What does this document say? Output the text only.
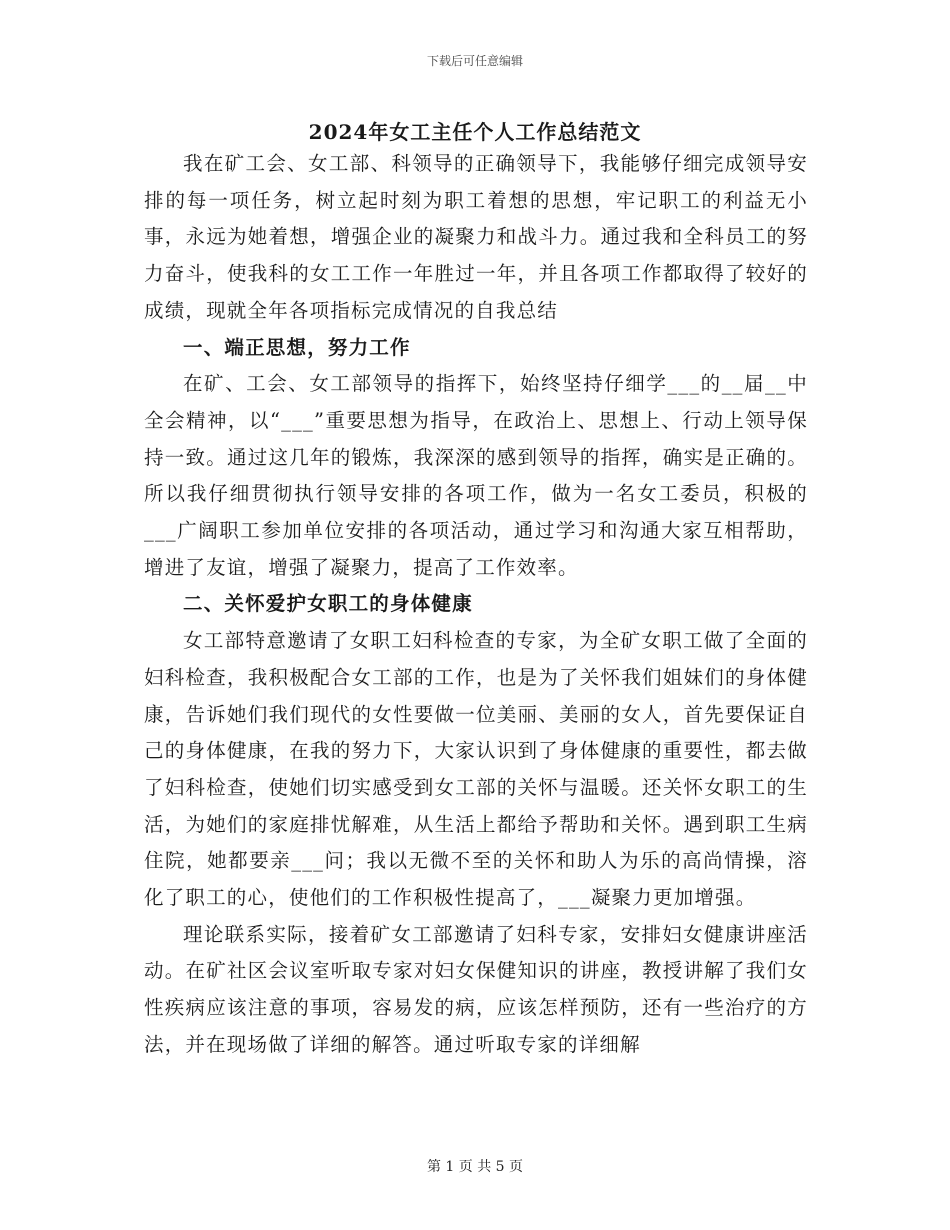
下载后可任意编辑
2024年女工主任个人工作总结范文

我在矿工会、女工部、科领导的正确领导下，我能够仔细完成领导安排的每一项任务，树立起时刻为职工着想的思想，牢记职工的利益无小事，永远为她着想，增强企业的凝聚力和战斗力。通过我和全科员工的努力奋斗，使我科的女工工作一年胜过一年，并且各项工作都取得了较好的成绩，现就全年各项指标完成情况的自我总结

一、端正思想，努力工作

在矿、工会、女工部领导的指挥下，始终坚持仔细学___的__届__中全会精神，以“___”重要思想为指导，在政治上、思想上、行动上领导保持一致。通过这几年的锻炼，我深深的感到领导的指挥，确实是正确的。所以我仔细贯彻执行领导安排的各项工作，做为一名女工委员，积极的___广阔职工参加单位安排的各项活动，通过学习和沟通大家互相帮助，增进了友谊，增强了凝聚力，提高了工作效率。

二、关怀爱护女职工的身体健康

女工部特意邀请了女职工妇科检查的专家，为全矿女职工做了全面的妇科检查，我积极配合女工部的工作，也是为了关怀我们姐妹们的身体健康，告诉她们我们现代的女性要做一位美丽、美丽的女人，首先要保证自己的身体健康，在我的努力下，大家认识到了身体健康的重要性，都去做了妇科检查，使她们切实感受到女工部的关怀与温暖。还关怀女职工的生活，为她们的家庭排忧解难，从生活上都给予帮助和关怀。遇到职工生病住院，她都要亲___问；我以无微不至的关怀和助人为乐的高尚情操，溶化了职工的心，使他们的工作积极性提高了，___凝聚力更加增强。

理论联系实际，接着矿女工部邀请了妇科专家，安排妇女健康讲座活动。在矿社区会议室听取专家对妇女保健知识的讲座，教授讲解了我们女性疾病应该注意的事项，容易发的病，应该怎样预防，还有一些治疗的方法，并在现场做了详细的解答。通过听取专家的详细解

第 1 页 共 5 页
